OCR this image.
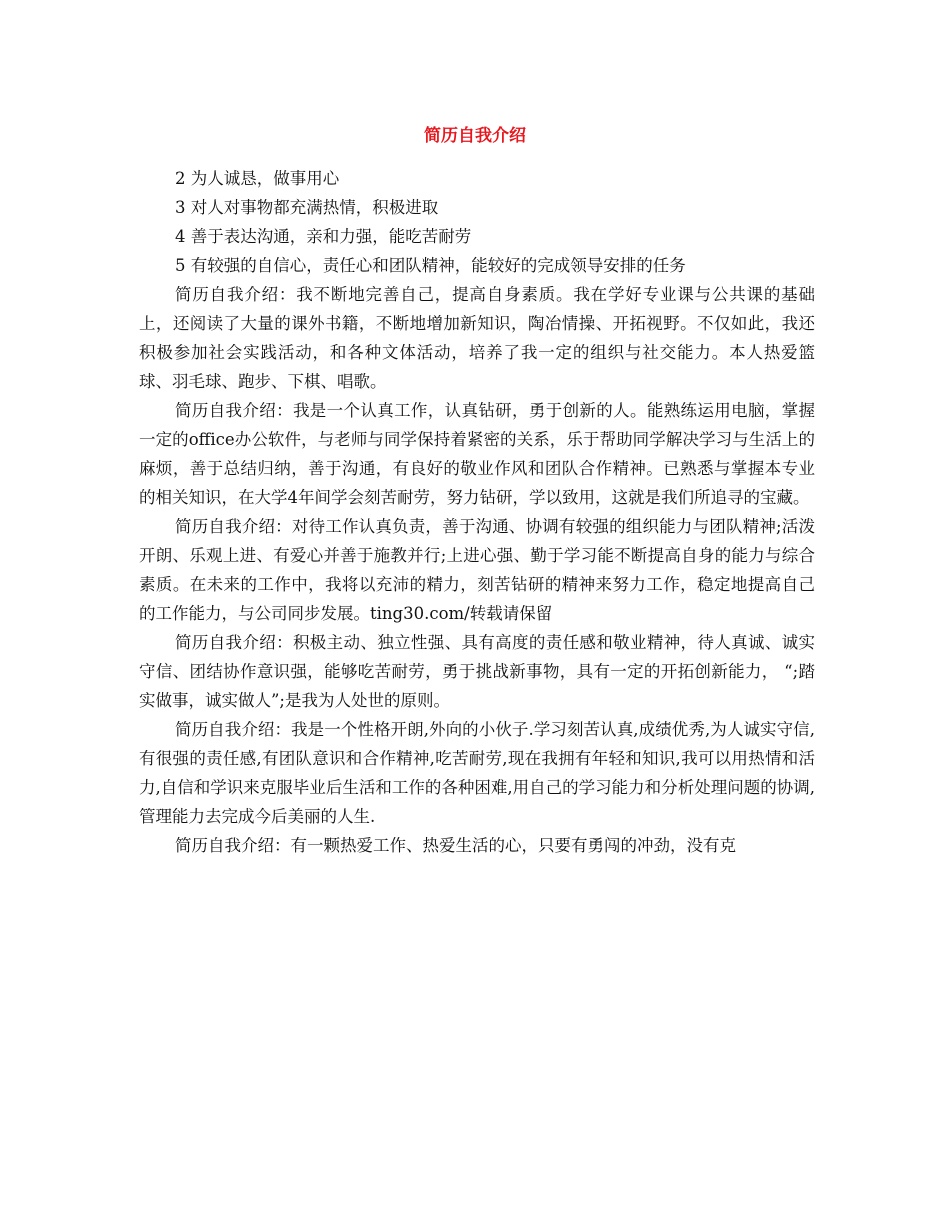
简历自我介绍

2 为人诚恳，做事用心

3 对人对事物都充满热情，积极进取

4 善于表达沟通，亲和力强，能吃苦耐劳

5 有较强的自信心，责任心和团队精神，能较好的完成领导安排的任务

简历自我介绍：我不断地完善自己，提高自身素质。我在学好专业课与公共课的基础上，还阅读了大量的课外书籍，不断地增加新知识，陶冶情操、开拓视野。不仅如此，我还积极参加社会实践活动，和各种文体活动，培养了我一定的组织与社交能力。本人热爱篮球、羽毛球、跑步、下棋、唱歌。

简历自我介绍：我是一个认真工作，认真钻研，勇于创新的人。能熟练运用电脑，掌握一定的office办公软件，与老师与同学保持着紧密的关系，乐于帮助同学解决学习与生活上的麻烦，善于总结归纳，善于沟通，有良好的敬业作风和团队合作精神。已熟悉与掌握本专业的相关知识，在大学4年间学会刻苦耐劳，努力钻研，学以致用，这就是我们所追寻的宝藏。

简历自我介绍：对待工作认真负责，善于沟通、协调有较强的组织能力与团队精神;活泼开朗、乐观上进、有爱心并善于施教并行;上进心强、勤于学习能不断提高自身的能力与综合素质。在未来的工作中，我将以充沛的精力，刻苦钻研的精神来努力工作，稳定地提高自己的工作能力，与公司同步发展。ting30.com/转载请保留

简历自我介绍：积极主动、独立性强、具有高度的责任感和敬业精神，待人真诚、诚实守信、团结协作意识强，能够吃苦耐劳，勇于挑战新事物，具有一定的开拓创新能力， “;踏实做事，诚实做人”;是我为人处世的原则。

简历自我介绍：我是一个性格开朗,外向的小伙子.学习刻苦认真,成绩优秀,为人诚实守信,有很强的责任感,有团队意识和合作精神,吃苦耐劳,现在我拥有年轻和知识,我可以用热情和活力,自信和学识来克服毕业后生活和工作的各种困难,用自己的学习能力和分析处理问题的协调,管理能力去完成今后美丽的人生.

简历自我介绍：有一颗热爱工作、热爱生活的心，只要有勇闯的冲劲，没有克
